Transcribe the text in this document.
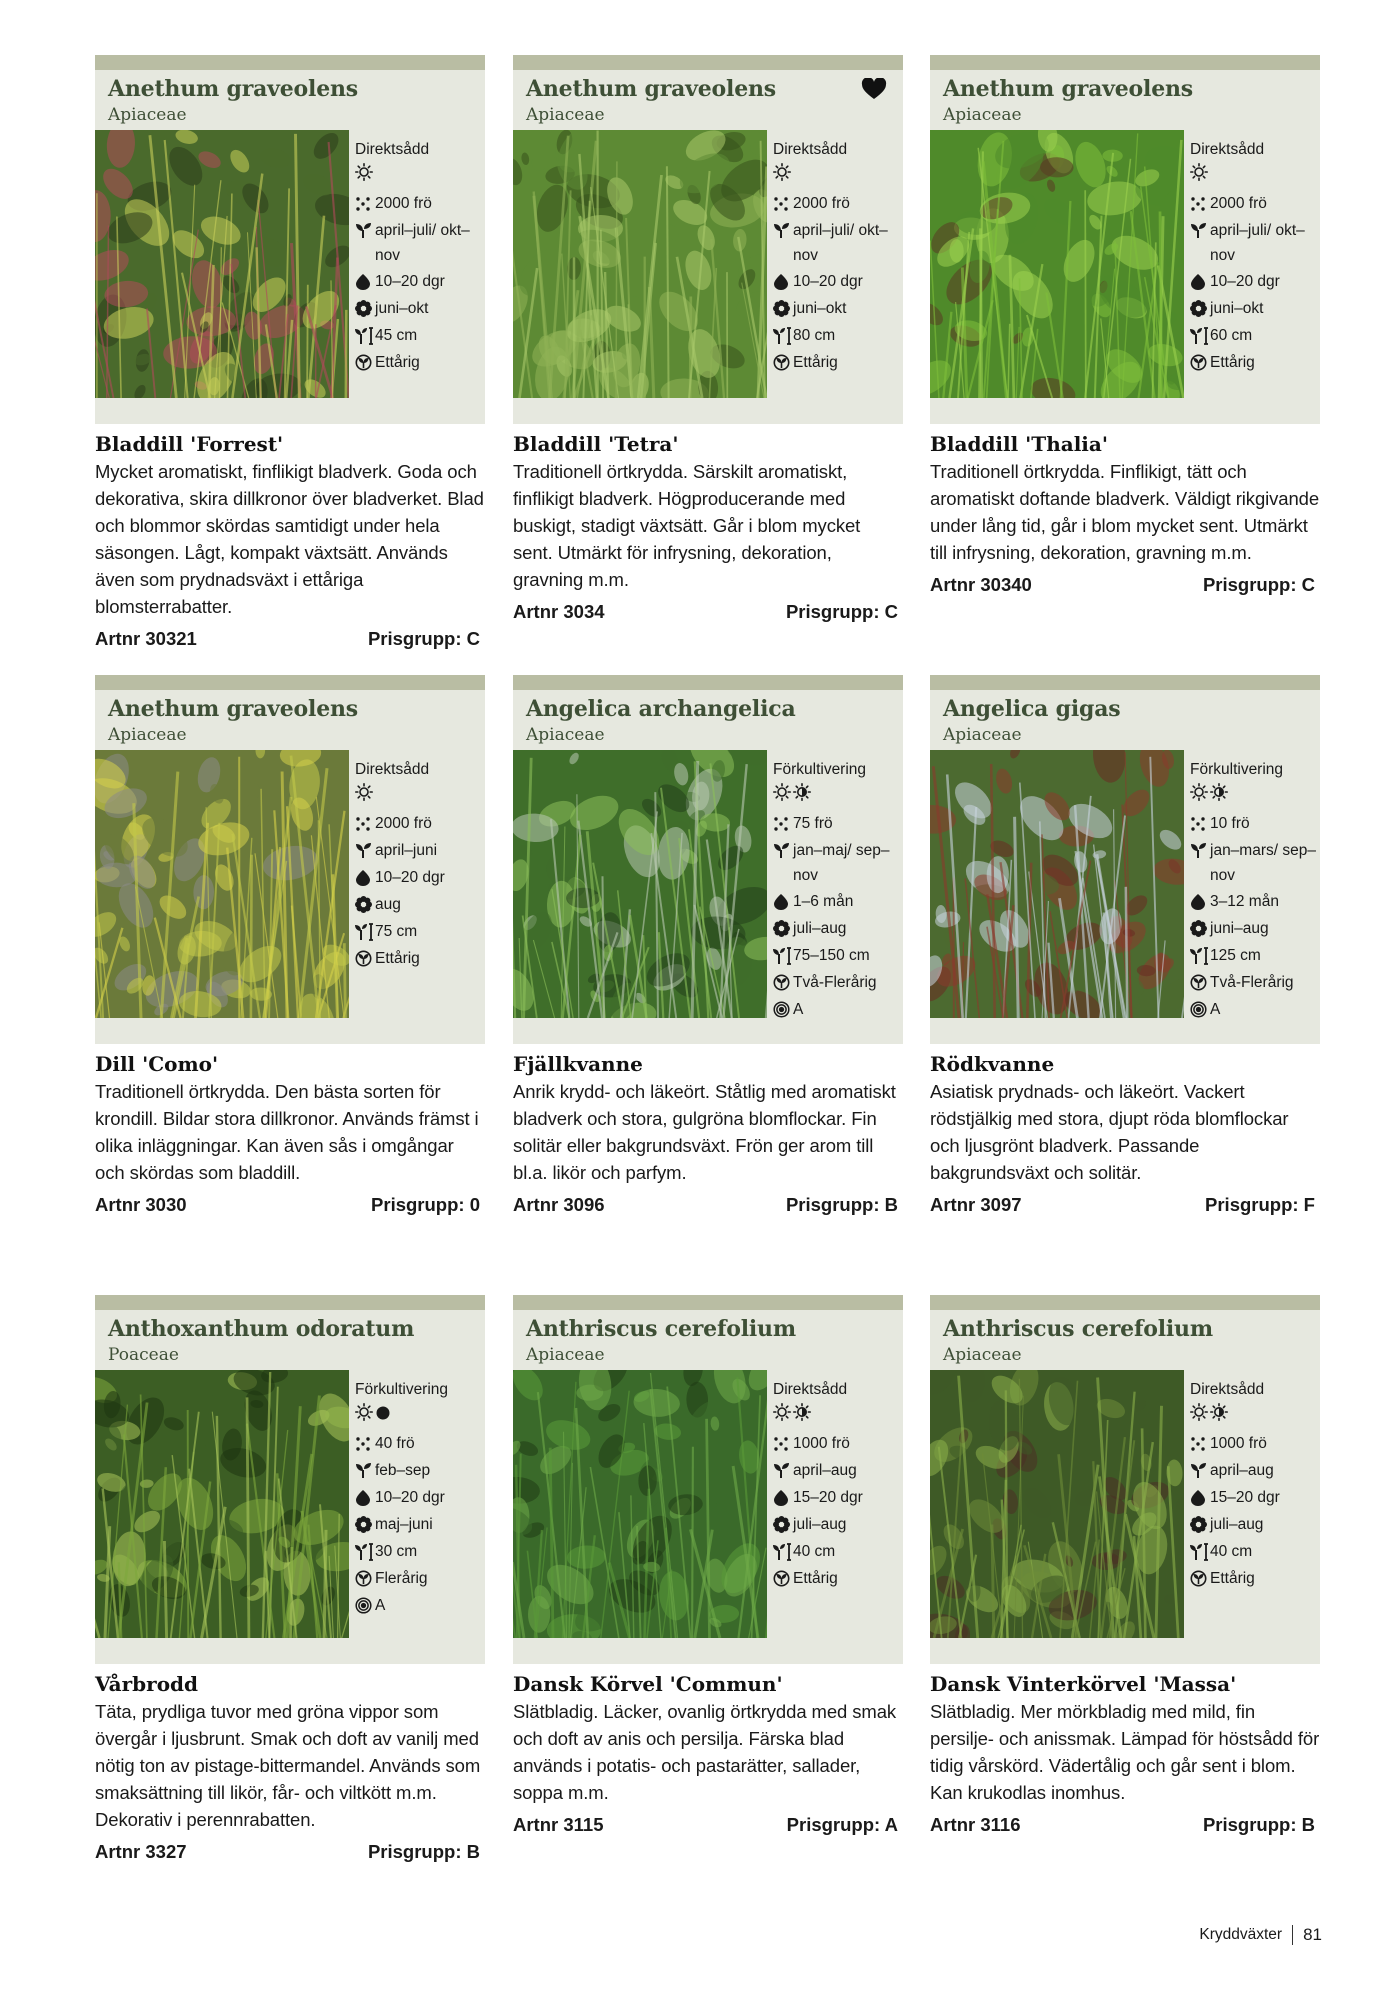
Anethum graveolens
Apiaceae
Direktsådd
2000 frö
april–juli/ okt–nov
10–20 dgr
juni–okt
45 cm
Ettårig
Bladdill 'Forrest'
Mycket aromatiskt, finflikigt bladverk. Goda och dekorativa, skira dillkronor över bladverket. Blad och blommor skördas samtidigt under hela säsongen. Lågt, kompakt växtsätt. Används även som prydnadsväxt i ettåriga blomsterrabatter.
Artnr 30321	Prisgrupp: C
Anethum graveolens
Apiaceae
Direktsådd
2000 frö
april–juli/ okt–nov
10–20 dgr
juni–okt
80 cm
Ettårig
Bladdill 'Tetra'
Traditionell örtkrydda. Särskilt aromatiskt, finflikigt bladverk. Högproducerande med buskigt, stadigt växtsätt. Går i blom mycket sent. Utmärkt för infrysning, dekoration, gravning m.m.
Artnr 3034	Prisgrupp: C
Anethum graveolens
Apiaceae
Direktsådd
2000 frö
april–juli/ okt–nov
10–20 dgr
juni–okt
60 cm
Ettårig
Bladdill 'Thalia'
Traditionell örtkrydda. Finflikigt, tätt och aromatiskt doftande bladverk. Väldigt rikgivande under lång tid, går i blom mycket sent. Utmärkt till infrysning, dekoration, gravning m.m.
Artnr 30340	Prisgrupp: C
Anethum graveolens
Apiaceae
Direktsådd
2000 frö
april–juni
10–20 dgr
aug
75 cm
Ettårig
Dill 'Como'
Traditionell örtkrydda. Den bästa sorten för krondill. Bildar stora dillkronor. Används främst i olika inläggningar. Kan även sås i omgångar och skördas som bladdill.
Artnr 3030	Prisgrupp: 0
Angelica archangelica
Apiaceae
Förkultivering
75 frö
jan–maj/ sep–nov
1–6 mån
juli–aug
75–150 cm
Två-Flerårig
A
Fjällkvanne
Anrik krydd- och läkeört. Ståtlig med aromatiskt bladverk och stora, gulgröna blomflockar. Fin solitär eller bakgrundsväxt. Frön ger arom till bl.a. likör och parfym.
Artnr 3096	Prisgrupp: B
Angelica gigas
Apiaceae
Förkultivering
10 frö
jan–mars/ sep–nov
3–12 mån
juni–aug
125 cm
Två-Flerårig
A
Rödkvanne
Asiatisk prydnads- och läkeört. Vackert rödstjälkig med stora, djupt röda blomflockar och ljusgrönt bladverk. Passande bakgrundsväxt och solitär.
Artnr 3097	Prisgrupp: F
Anthoxanthum odoratum
Poaceae
Förkultivering
40 frö
feb–sep
10–20 dgr
maj–juni
30 cm
Flerårig
A
Vårbrodd
Täta, prydliga tuvor med gröna vippor som övergår i ljusbrunt. Smak och doft av vanilj med nötig ton av pistage-bittermandel. Används som smaksättning till likör, får- och viltkött m.m. Dekorativ i perennrabatten.
Artnr 3327	Prisgrupp: B
Anthriscus cerefolium
Apiaceae
Direktsådd
1000 frö
april–aug
15–20 dgr
juli–aug
40 cm
Ettårig
Dansk Körvel 'Commun'
Slätbladig. Läcker, ovanlig örtkrydda med smak och doft av anis och persilja. Färska blad används i potatis- och pastarätter, sallader, soppa m.m.
Artnr 3115	Prisgrupp: A
Anthriscus cerefolium
Apiaceae
Direktsådd
1000 frö
april–aug
15–20 dgr
juli–aug
40 cm
Ettårig
Dansk Vinterkörvel 'Massa'
Slätbladig. Mer mörkbladig med mild, fin persilje- och anissmak. Lämpad för höstsådd för tidig vårskörd. Vädertålig och går sent i blom. Kan krukodlas inomhus.
Artnr 3116	Prisgrupp: B
Kryddväxter 81
